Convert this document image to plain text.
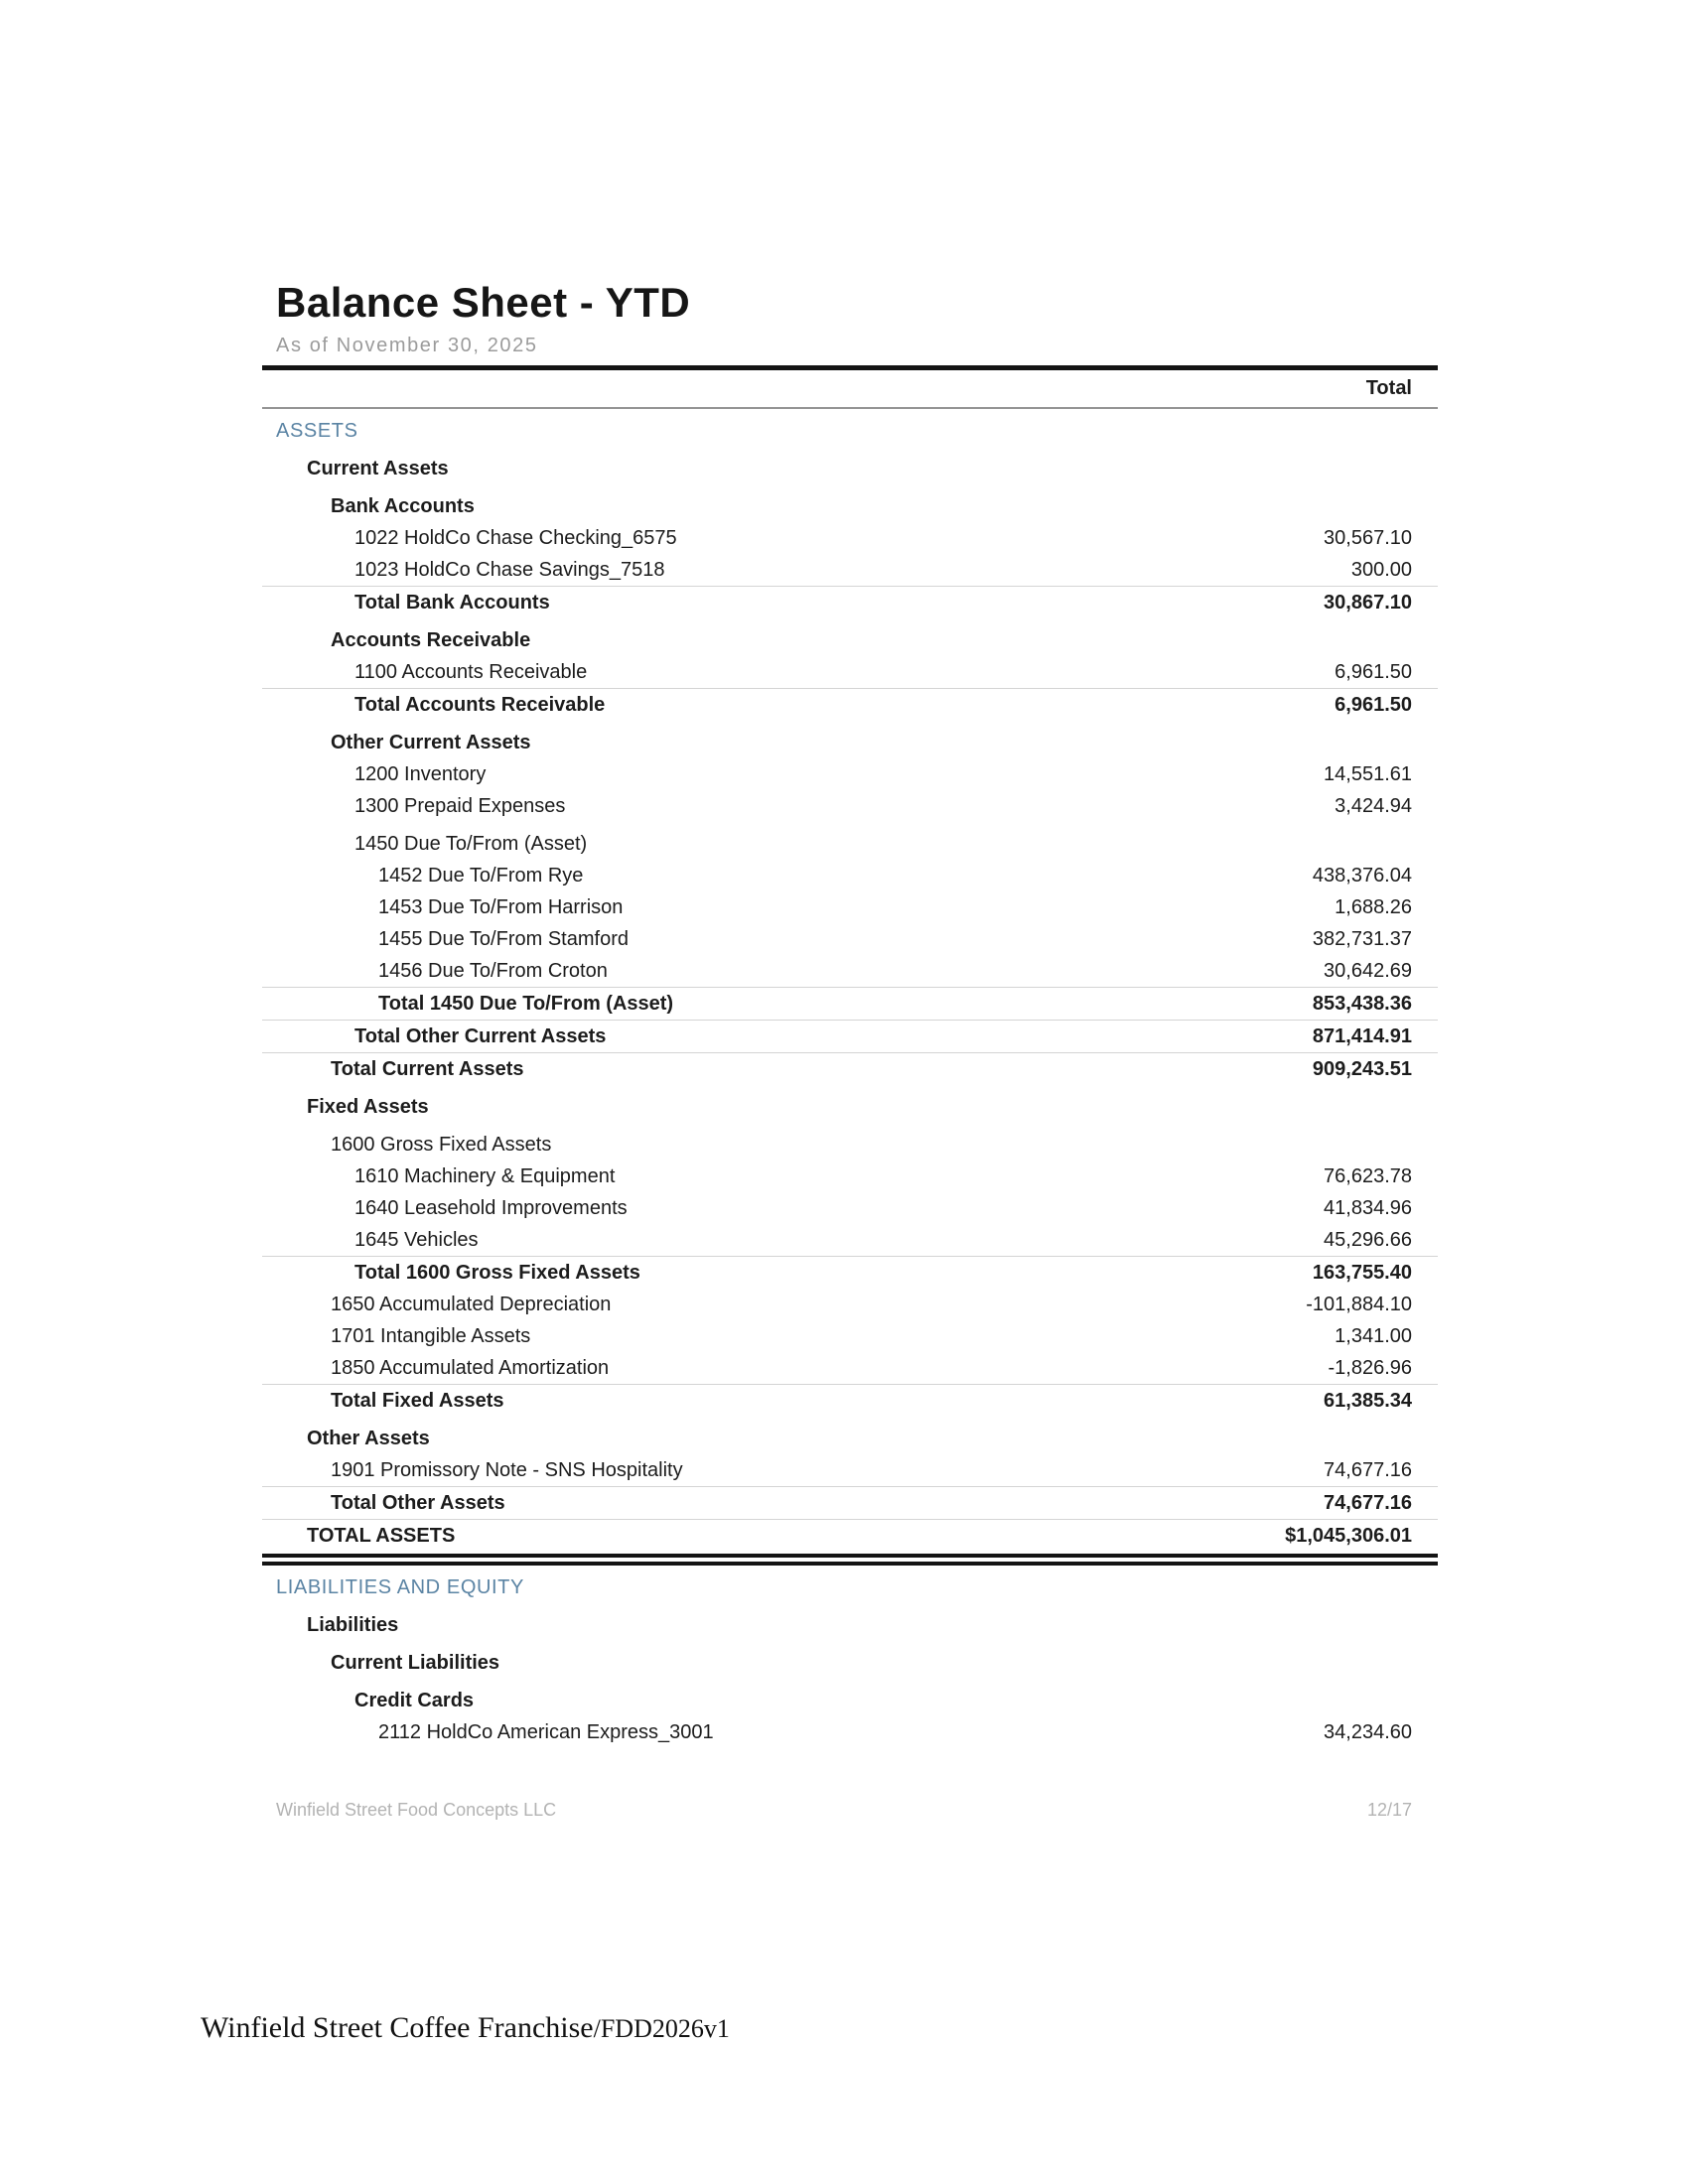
Balance Sheet - YTD
As of November 30, 2025
Total
ASSETS
Current Assets
Bank Accounts
1022 HoldCo Chase Checking_6575	30,567.10
1023 HoldCo Chase Savings_7518	300.00
Total Bank Accounts	30,867.10
Accounts Receivable
1100 Accounts Receivable	6,961.50
Total Accounts Receivable	6,961.50
Other Current Assets
1200 Inventory	14,551.61
1300 Prepaid Expenses	3,424.94
1450 Due To/From (Asset)
1452 Due To/From Rye	438,376.04
1453 Due To/From Harrison	1,688.26
1455 Due To/From Stamford	382,731.37
1456 Due To/From Croton	30,642.69
Total 1450 Due To/From (Asset)	853,438.36
Total Other Current Assets	871,414.91
Total Current Assets	909,243.51
Fixed Assets
1600 Gross Fixed Assets
1610 Machinery & Equipment	76,623.78
1640 Leasehold Improvements	41,834.96
1645 Vehicles	45,296.66
Total 1600 Gross Fixed Assets	163,755.40
1650 Accumulated Depreciation	-101,884.10
1701 Intangible Assets	1,341.00
1850 Accumulated Amortization	-1,826.96
Total Fixed Assets	61,385.34
Other Assets
1901 Promissory Note - SNS Hospitality	74,677.16
Total Other Assets	74,677.16
TOTAL ASSETS	$1,045,306.01
LIABILITIES AND EQUITY
Liabilities
Current Liabilities
Credit Cards
2112 HoldCo American Express_3001	34,234.60
Winfield Street Food Concepts LLC	12/17
Winfield Street Coffee Franchise/FDD2026v1
